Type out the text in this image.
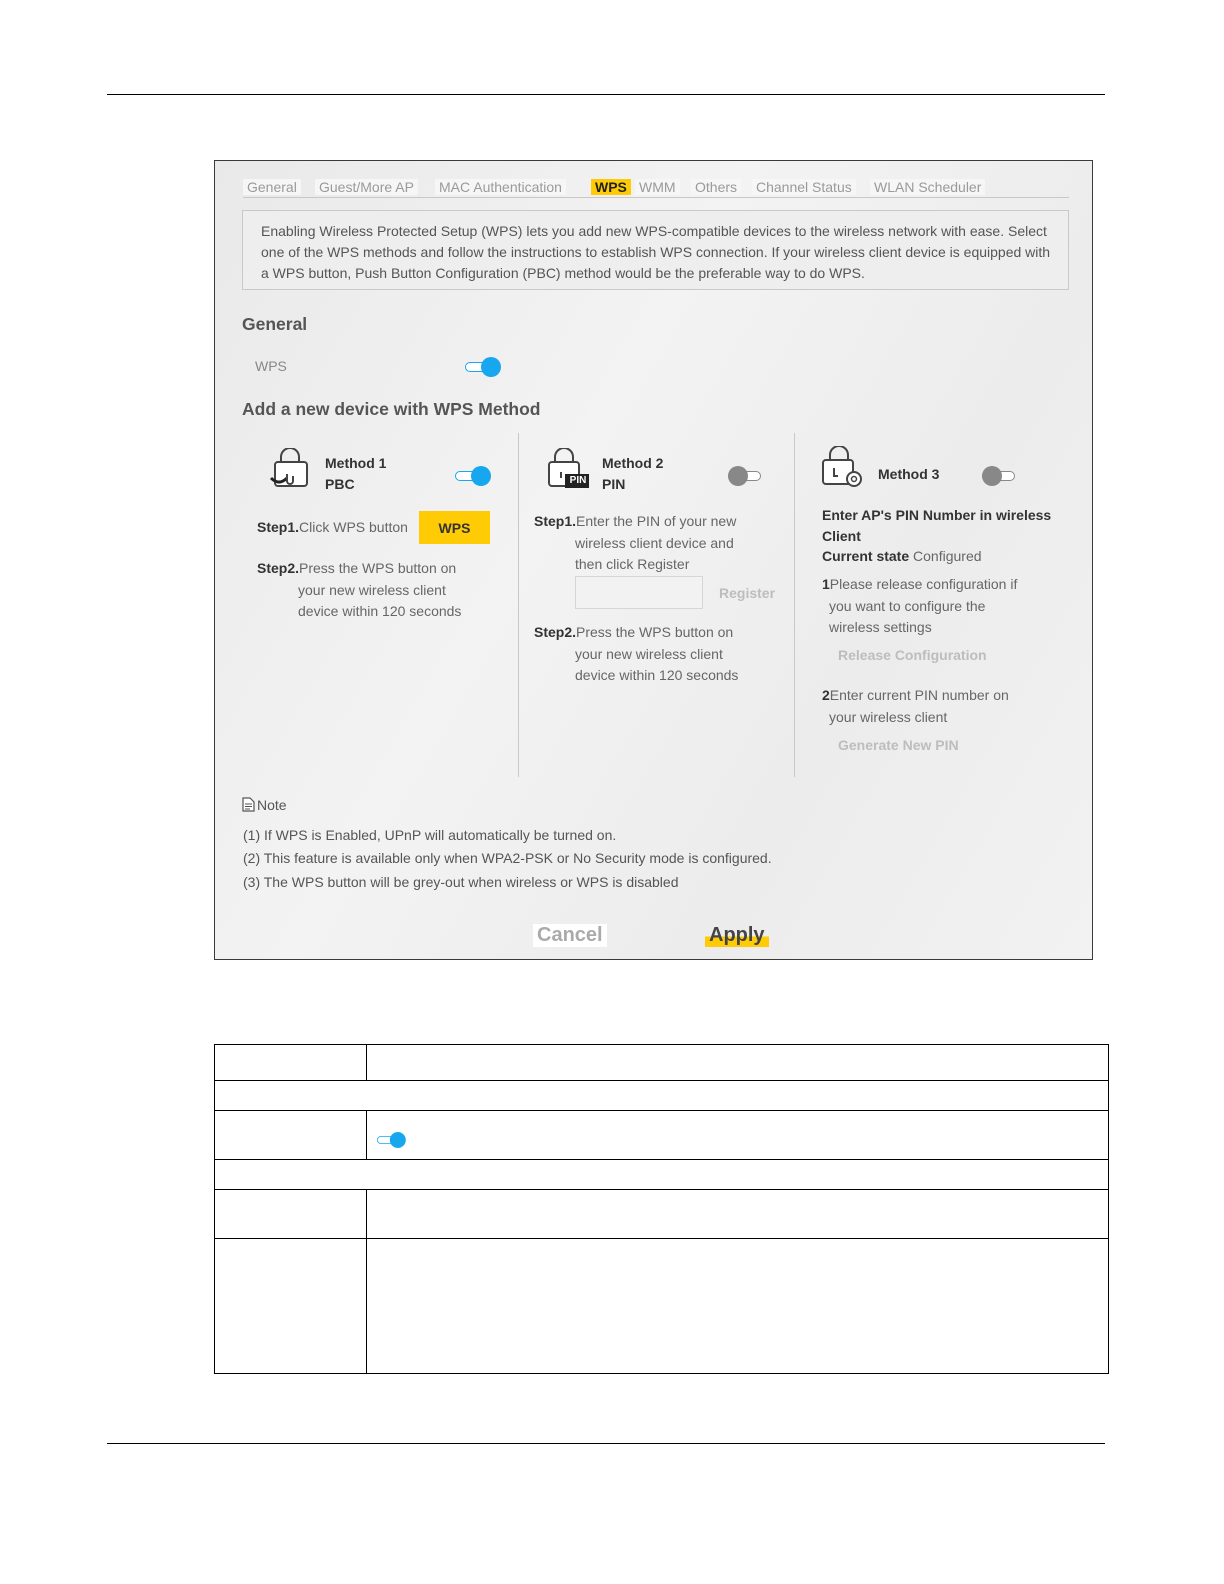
General Guest/More AP MAC Authentication WPS WMM Others Channel Status WLAN Scheduler
Enabling Wireless Protected Setup (WPS) lets you add new WPS-compatible devices to the wireless network with ease. Select one of the WPS methods and follow the instructions to establish WPS connection. If your wireless client device is equipped with a WPS button, Push Button Configuration (PBC) method would be the preferable way to do WPS.
General
WPS
Add a new device with WPS Method
Method 1
PBC
Step1.Click WPS button	WPS
Step2.Press the WPS button on
your new wireless client
device within 120 seconds
PIN
Method 2
PIN
Step1.Enter the PIN of your new
wireless client device and
then click Register
Register
Step2.Press the WPS button on
your new wireless client
device within 120 seconds
Method 3
Enter AP's PIN Number in wireless
Client
Current state Configured
1Please release configuration if
you want to configure the
wireless settings
Release Configuration
2Enter current PIN number on
your wireless client
Generate New PIN
Note
(1) If WPS is Enabled, UPnP will automatically be turned on.
(2) This feature is available only when WPA2-PSK or No Security mode is configured.
(3) The WPS button will be grey-out when wireless or WPS is disabled
Cancel	Apply
